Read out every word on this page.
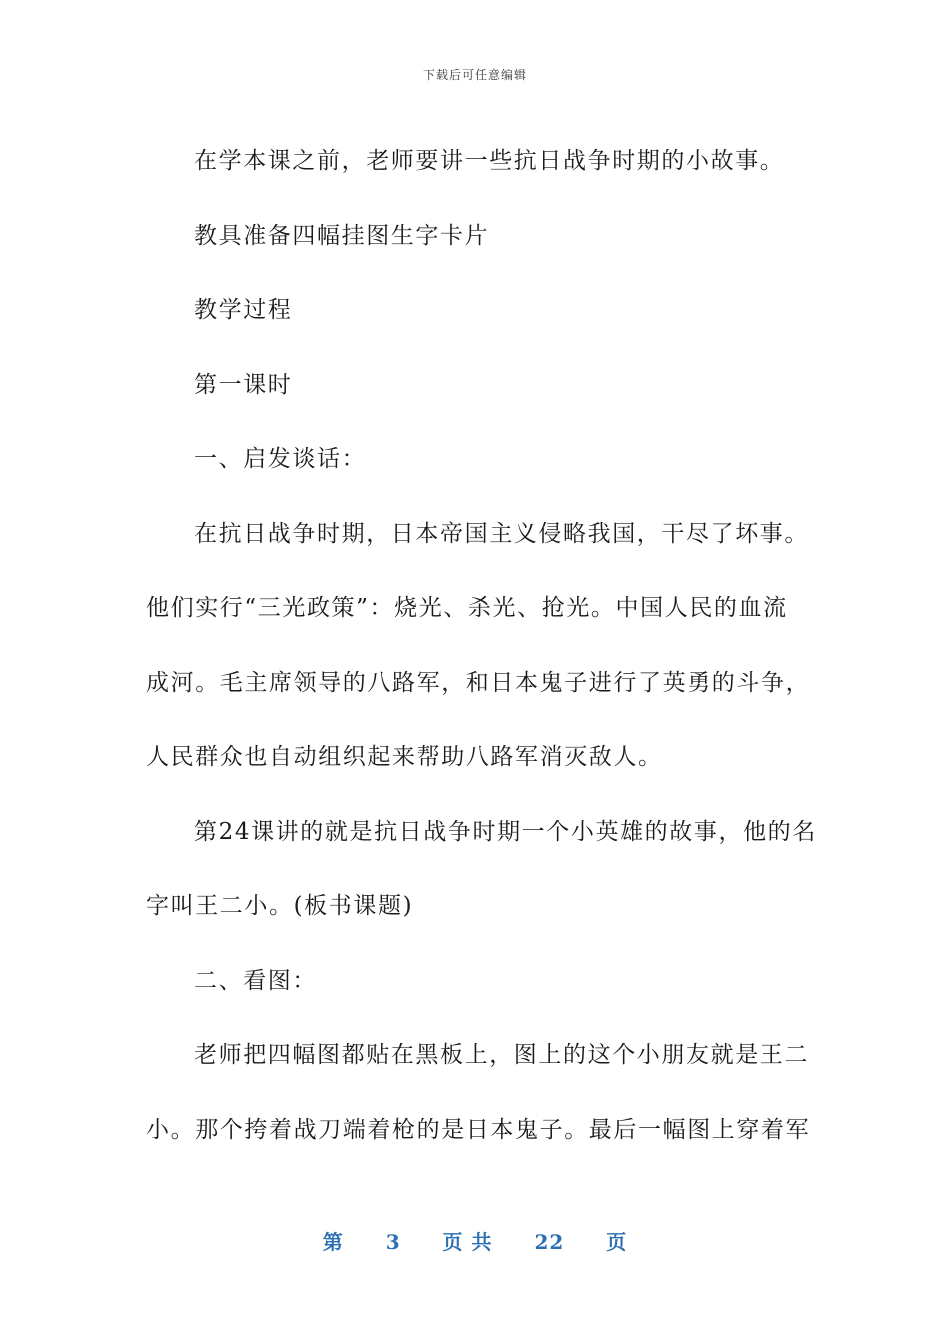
下载后可任意编辑
在学本课之前，老师要讲一些抗日战争时期的小故事。
教具准备四幅挂图生字卡片
教学过程
第一课时
一、启发谈话：
在抗日战争时期，日本帝国主义侵略我国，干尽了坏事。
他们实行“三光政策”：烧光、杀光、抢光。中国人民的血流
成河。毛主席领导的八路军，和日本鬼子进行了英勇的斗争，
人民群众也自动组织起来帮助八路军消灭敌人。
第24课讲的就是抗日战争时期一个小英雄的故事，他的名
字叫王二小。(板书课题)
二、看图：
老师把四幅图都贴在黑板上，图上的这个小朋友就是王二
小。那个挎着战刀端着枪的是日本鬼子。最后一幅图上穿着军
第 3 页 共 22 页
